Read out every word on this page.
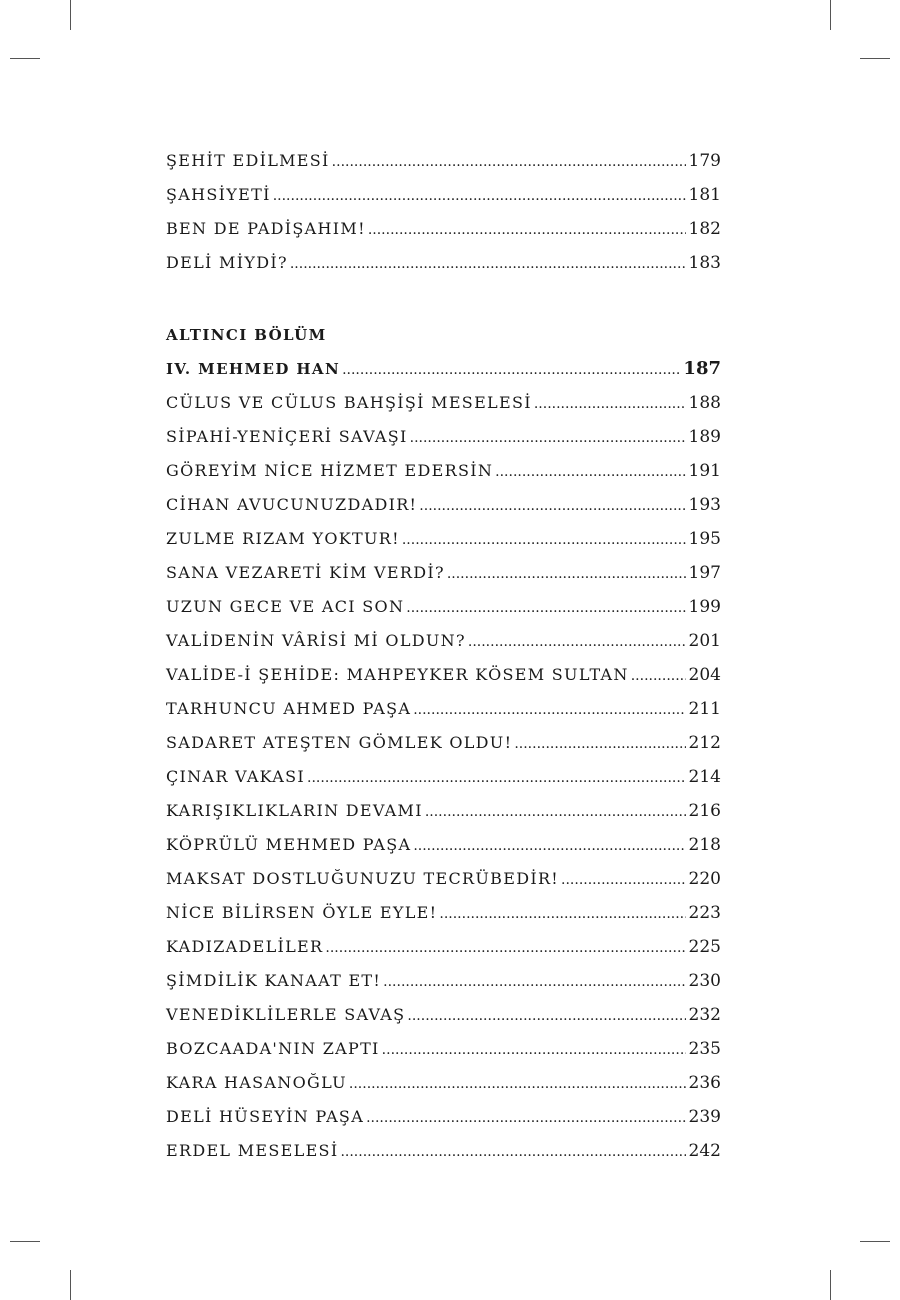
ŞEHİT EDİLMESİ .....	179
ŞAHSİYETİ .....	181
BEN DE PADİŞAHIM! .....	182
DELİ MİYDİ? .....	183
ALTINCI BÖLÜM
IV. MEHMED HAN .....	187
CÜLUS VE CÜLUS BAHŞİŞİ MESELESİ .....	188
SİPAHİ-YENİÇERİ SAVAŞI .....	189
GÖREYİM NİCE HİZMET EDERSİN .....	191
CİHAN AVUCUNUZDADIR! .....	193
ZULME RIZAM YOKTUR! .....	195
SANA VEZARETİ KİM VERDİ? .....	197
UZUN GECE VE ACI SON .....	199
VALİDENİN VÂRİSİ Mİ OLDUN? .....	201
VALİDE-İ ŞEHİDE: MAHPEYKER KÖSEM SULTAN .....	204
TARHUNCU AHMED PAŞA .....	211
SADARET ATEŞTEN GÖMLEK OLDU! .....	212
ÇINAR VAKASI .....	214
KARIŞIKLIKLARIN DEVAMI .....	216
KÖPRÜLÜ MEHMED PAŞA .....	218
MAKSAT DOSTLUĞUNUZU TECRÜBEDİR! .....	220
NİCE BİLİRSEN ÖYLE EYLE! .....	223
KADIZADELİLER .....	225
ŞİMDİLİK KANAAT ET! .....	230
VENEDİKLİLERLE SAVAŞ .....	232
BOZCAADA'NIN ZAPTI .....	235
KARA HASANOĞLU .....	236
DELİ HÜSEYİN PAŞA .....	239
ERDEL MESELESİ .....	242
